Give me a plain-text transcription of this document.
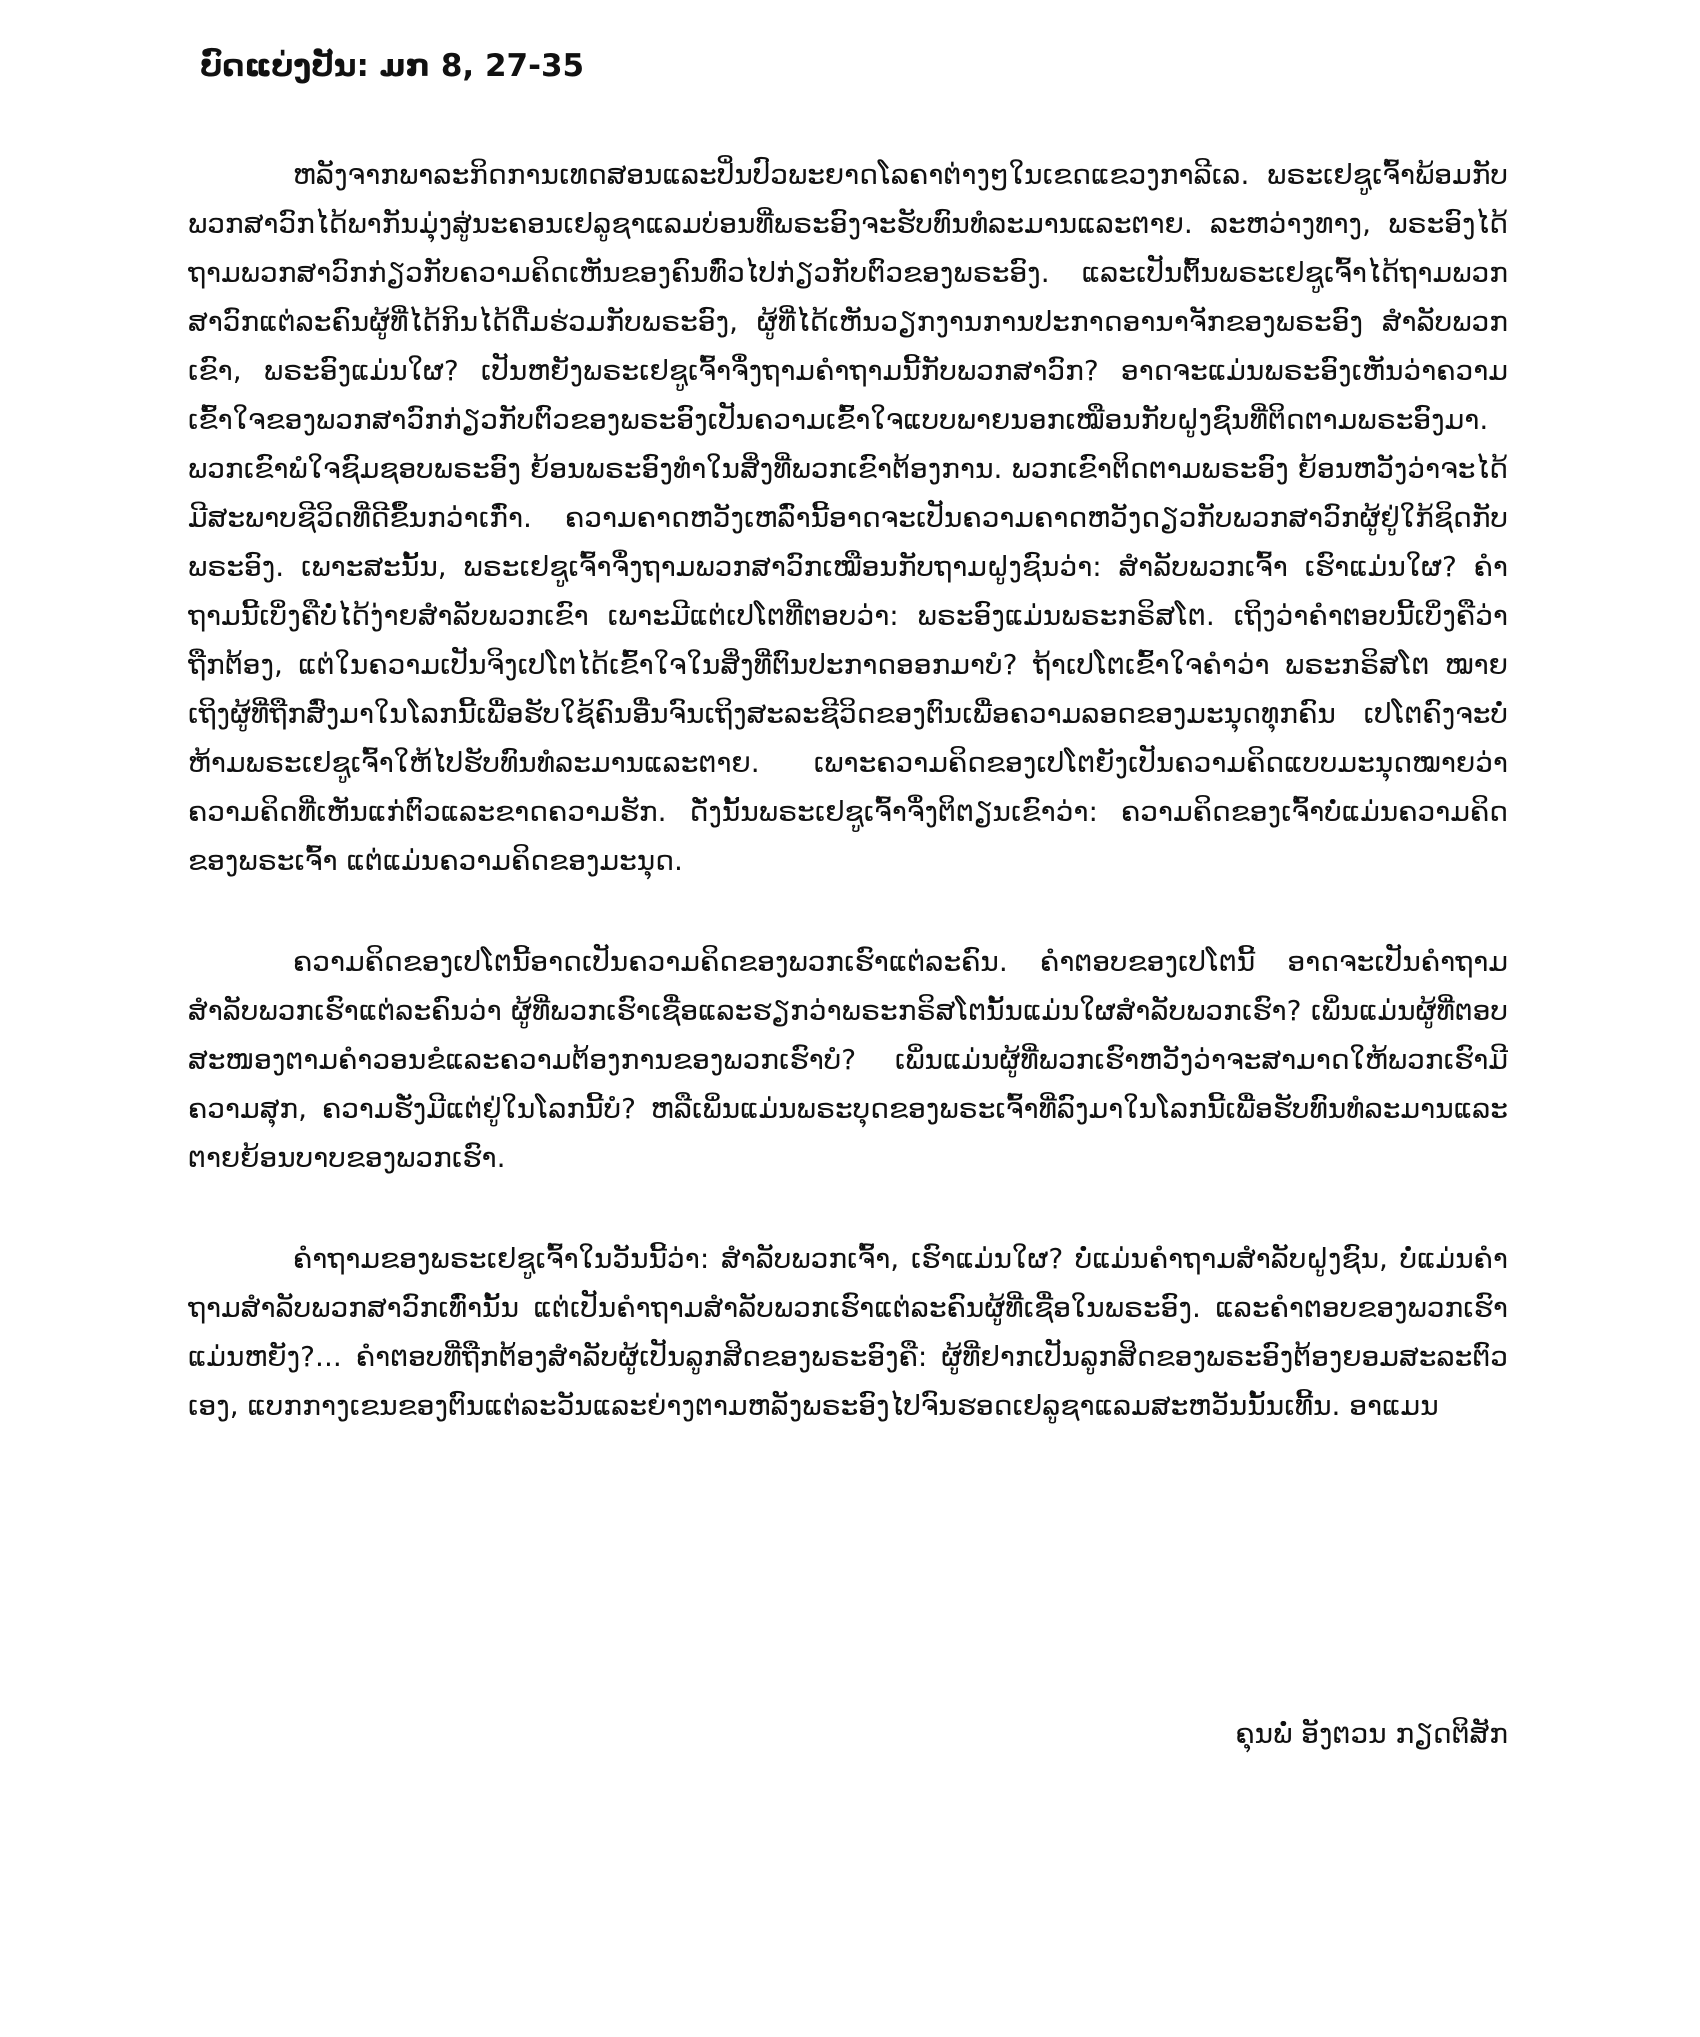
ບົດແບ່ງປັນ: ມກ 8, 27-35

ຫລັງຈາກພາລະກິດການເທດສອນແລະປິ່ນປົວພະຍາດໂລຄາຕ່າງໆໃນເຂດແຂວງກາລີເລ. ພຣະເຢຊູເຈົ້າພ້ອມກັບພວກສາວົກໄດ້ພາກັນມຸ່ງສູ່ນະຄອນເຢລູຊາແລມບ່ອນທີ່ພຣະອົງຈະຮັບທົນທໍລະມານແລະຕາຍ. ລະຫວ່າງທາງ, ພຣະອົງໄດ້ຖາມພວກສາວົກກ່ຽວກັບຄວາມຄິດເຫັນຂອງຄົນທົ່ວໄປກ່ຽວກັບຕົວຂອງພຣະອົງ. ແລະເປັນຕົ້ນພຣະເຢຊູເຈົ້າໄດ້ຖາມພວກສາວົກແຕ່ລະຄົນຜູ້ທີ່ໄດ້ກິນໄດ້ດື່ມຮ່ວມກັບພຣະອົງ, ຜູ້ທີ່ໄດ້ເຫັນວຽກງານການປະກາດອານາຈັກຂອງພຣະອົງ ສຳລັບພວກເຂົາ, ພຣະອົງແມ່ນໃຜ? ເປັນຫຍັງພຣະເຢຊູເຈົ້າຈຶ່ງຖາມຄຳຖາມນີ້ກັບພວກສາວົກ? ອາດຈະແມ່ນພຣະອົງເຫັນວ່າຄວາມເຂົ້າໃຈຂອງພວກສາວົກກ່ຽວກັບຕົວຂອງພຣະອົງເປັນຄວາມເຂົ້າໃຈແບບພາຍນອກເໝືອນກັບຝູງຊົນທີ່ຕິດຕາມພຣະອົງມາ. ພວກເຂົາພໍໃຈຊົມຊອບພຣະອົງ ຍ້ອນພຣະອົງທຳໃນສິ່ງທີ່ພວກເຂົາຕ້ອງການ. ພວກເຂົາຕິດຕາມພຣະອົງ ຍ້ອນຫວັງວ່າຈະໄດ້ມີສະພາບຊີວິດທີ່ດີຂຶ້ນກວ່າເກົ່າ. ຄວາມຄາດຫວັງເຫລົ່ານີ້ອາດຈະເປັນຄວາມຄາດຫວັງດຽວກັບພວກສາວົກຜູ້ຢູ່ໃກ້ຊິດກັບພຣະອົງ. ເພາະສະນັ້ນ, ພຣະເຢຊູເຈົ້າຈຶ່ງຖາມພວກສາວົກເໝືອນກັບຖາມຝູງຊົນວ່າ: ສຳລັບພວກເຈົ້າ ເຮົາແມ່ນໃຜ? ຄຳຖາມນີ້ເບິ່ງຄືບໍ່ໄດ້ງ່າຍສຳລັບພວກເຂົາ ເພາະມີແຕ່ເປໂຕທີ່ຕອບວ່າ: ພຣະອົງແມ່ນພຣະກຣິສໂຕ. ເຖິງວ່າຄຳຕອບນີ້ເບິ່ງຄືວ່າຖືກຕ້ອງ, ແຕ່ໃນຄວາມເປັນຈິງເປໂຕໄດ້ເຂົ້າໃຈໃນສິ່ງທີ່ຕົນປະກາດອອກມາບໍ? ຖ້າເປໂຕເຂົ້າໃຈຄຳວ່າ ພຣະກຣິສໂຕ ໝາຍເຖິງຜູ້ທີ່ຖືກສົ່ງມາໃນໂລກນີ້ເພື່ອຮັບໃຊ້ຄົນອື່ນຈົນເຖິງສະລະຊີວິດຂອງຕົນເພື່ອຄວາມລອດຂອງມະນຸດທຸກຄົນ ເປໂຕຄົງຈະບໍ່ຫ້າມພຣະເຢຊູເຈົ້າໃຫ້ໄປຮັບທົນທໍລະມານແລະຕາຍ. ເພາະຄວາມຄິດຂອງເປໂຕຍັງເປັນຄວາມຄິດແບບມະນຸດໝາຍວ່າ ຄວາມຄິດທີ່ເຫັນແກ່ຕົວແລະຂາດຄວາມຮັກ. ດັ່ງນັ້ນພຣະເຢຊູເຈົ້າຈຶ່ງຕິຕຽນເຂົາວ່າ: ຄວາມຄິດຂອງເຈົ້າບໍ່ແມ່ນຄວາມຄິດຂອງພຣະເຈົ້າ ແຕ່ແມ່ນຄວາມຄິດຂອງມະນຸດ.

ຄວາມຄິດຂອງເປໂຕນີ້ອາດເປັນຄວາມຄິດຂອງພວກເຮົາແຕ່ລະຄົນ. ຄຳຕອບຂອງເປໂຕນີ້ ອາດຈະເປັນຄຳຖາມສຳລັບພວກເຮົາແຕ່ລະຄົນວ່າ ຜູ້ທີ່ພວກເຮົາເຊື່ອແລະຮຽກວ່າພຣະກຣິສໂຕນັ້ນແມ່ນໃຜສຳລັບພວກເຮົາ? ເພິ່ນແມ່ນຜູ້ທີ່ຕອບສະໜອງຕາມຄຳວອນຂໍແລະຄວາມຕ້ອງການຂອງພວກເຮົາບໍ? ເພິ່ນແມ່ນຜູ້ທີ່ພວກເຮົາຫວັງວ່າຈະສາມາດໃຫ້ພວກເຮົາມີຄວາມສຸກ, ຄວາມຮັ່ງມີແຕ່ຢູ່ໃນໂລກນີ້ບໍ? ຫລືເພິ່ນແມ່ນພຣະບຸດຂອງພຣະເຈົ້າທີ່ລົງມາໃນໂລກນີ້ເພື່ອຮັບທົນທໍລະມານແລະຕາຍຍ້ອນບາບຂອງພວກເຮົາ.

ຄຳຖາມຂອງພຣະເຢຊູເຈົ້າໃນວັນນີ້ວ່າ: ສຳລັບພວກເຈົ້າ, ເຮົາແມ່ນໃຜ? ບໍ່ແມ່ນຄຳຖາມສຳລັບຝູງຊົນ, ບໍ່ແມ່ນຄຳຖາມສຳລັບພວກສາວົກເທົ່ານັ້ນ ແຕ່ເປັນຄຳຖາມສຳລັບພວກເຮົາແຕ່ລະຄົນຜູ້ທີ່ເຊື່ອໃນພຣະອົງ. ແລະຄຳຕອບຂອງພວກເຮົາແມ່ນຫຍັງ?... ຄຳຕອບທີ່ຖືກຕ້ອງສຳລັບຜູ້ເປັນລູກສິດຂອງພຣະອົງຄື: ຜູ້ທີ່ຢາກເປັນລູກສິດຂອງພຣະອົງຕ້ອງຍອມສະລະຕົວເອງ, ແບກກາງເຂນຂອງຕົນແຕ່ລະວັນແລະຍ່າງຕາມຫລັງພຣະອົງໄປຈົນຮອດເຢລູຊາແລມສະຫວັນນັ້ນເທີ້ນ. ອາແມນ

ຄຸນພໍ່ ອັງຕວນ ກຽດຕິສັກ
